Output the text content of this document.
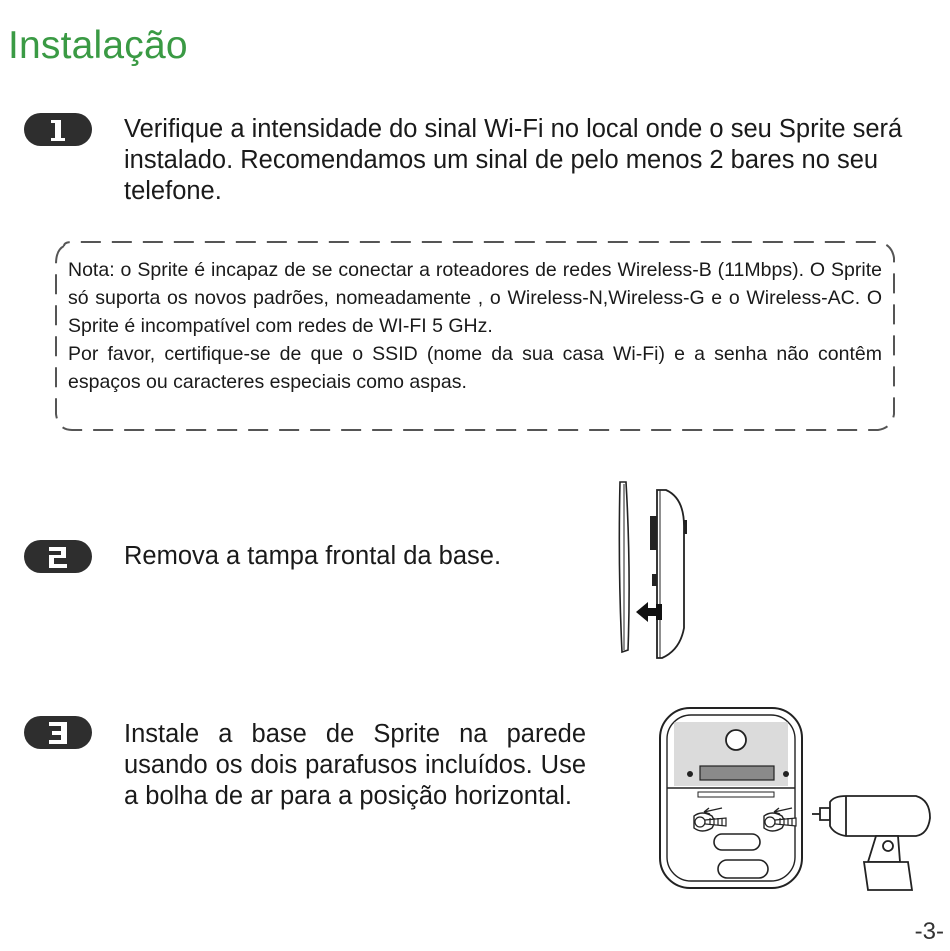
Instalação
Verifique a intensidade do sinal Wi-Fi no local onde o seu Sprite será instalado. Recomendamos um sinal de pelo menos 2 bares no seu telefone.

Nota: o Sprite é incapaz de se conectar a roteadores de redes Wireless-B (11Mbps). O Sprite só suporta os novos padrões, nomeadamente , o Wireless-N,Wireless-G e o Wireless-AC. O Sprite é incompatível com redes de WI-FI 5 GHz.

Por favor, certifique-se de que o SSID (nome da sua casa Wi-Fi) e a senha não contêm espaços ou caracteres especiais como aspas.

Remova a tampa frontal da base.
Instale a base de Sprite na parede usando os dois parafusos incluídos. Use a bolha de ar para a posição horizontal.
-3-
